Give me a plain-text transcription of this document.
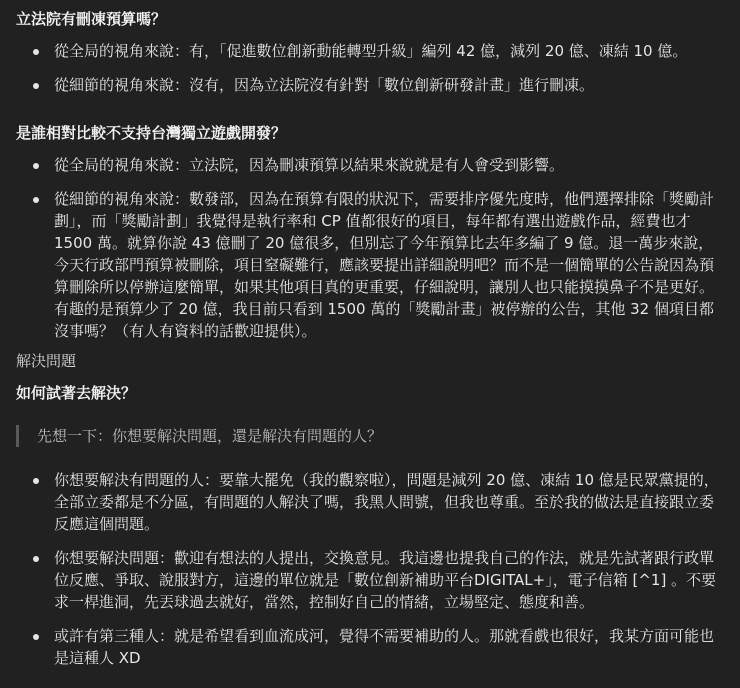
立法院有刪凍預算嗎？
從全局的視角來說：有，「促進數位創新動能轉型升級」編列 42 億，減列 20 億、凍結 10 億。
從細節的視角來說：沒有，因為立法院沒有針對「數位創新研發計畫」進行刪凍。
是誰相對比較不支持台灣獨立遊戲開發？
從全局的視角來說：立法院，因為刪凍預算以結果來說就是有人會受到影響。
從細節的視角來說：數發部，因為在預算有限的狀況下，需要排序優先度時，他們選擇排除「獎勵計劃」，而「獎勵計劃」我覺得是執行率和 CP 值都很好的項目，每年都有選出遊戲作品，經費也才 1500 萬。就算你說 43 億刪了 20 億很多，但別忘了今年預算比去年多編了 9 億。退一萬步來說，今天行政部門預算被刪除，項目窒礙難行，應該要提出詳細說明吧？而不是一個簡單的公告說因為預算刪除所以停辦這麼簡單，如果其他項目真的更重要，仔細說明，讓別人也只能摸摸鼻子不是更好。有趣的是預算少了 20 億，我目前只看到 1500 萬的「獎勵計畫」被停辦的公告，其他 32 個項目都沒事嗎？（有人有資料的話歡迎提供）。
解決問題
如何試著去解決？
先想一下：你想要解決問題，還是解決有問題的人？
你想要解決有問題的人：要靠大罷免（我的觀察啦），問題是減列 20 億、凍結 10 億是民眾黨提的，全部立委都是不分區，有問題的人解決了嗎，我黑人問號，但我也尊重。至於我的做法是直接跟立委反應這個問題。
你想要解決問題：歡迎有想法的人提出，交換意見。我這邊也提我自己的作法，就是先試著跟行政單位反應、爭取、說服對方，這邊的單位就是「數位創新補助平台DIGITAL+」，電子信箱 [^1] 。不要求一桿進洞，先丟球過去就好，當然，控制好自己的情緒，立場堅定、態度和善。
或許有第三種人：就是希望看到血流成河，覺得不需要補助的人。那就看戲也很好，我某方面可能也是這種人 XD
